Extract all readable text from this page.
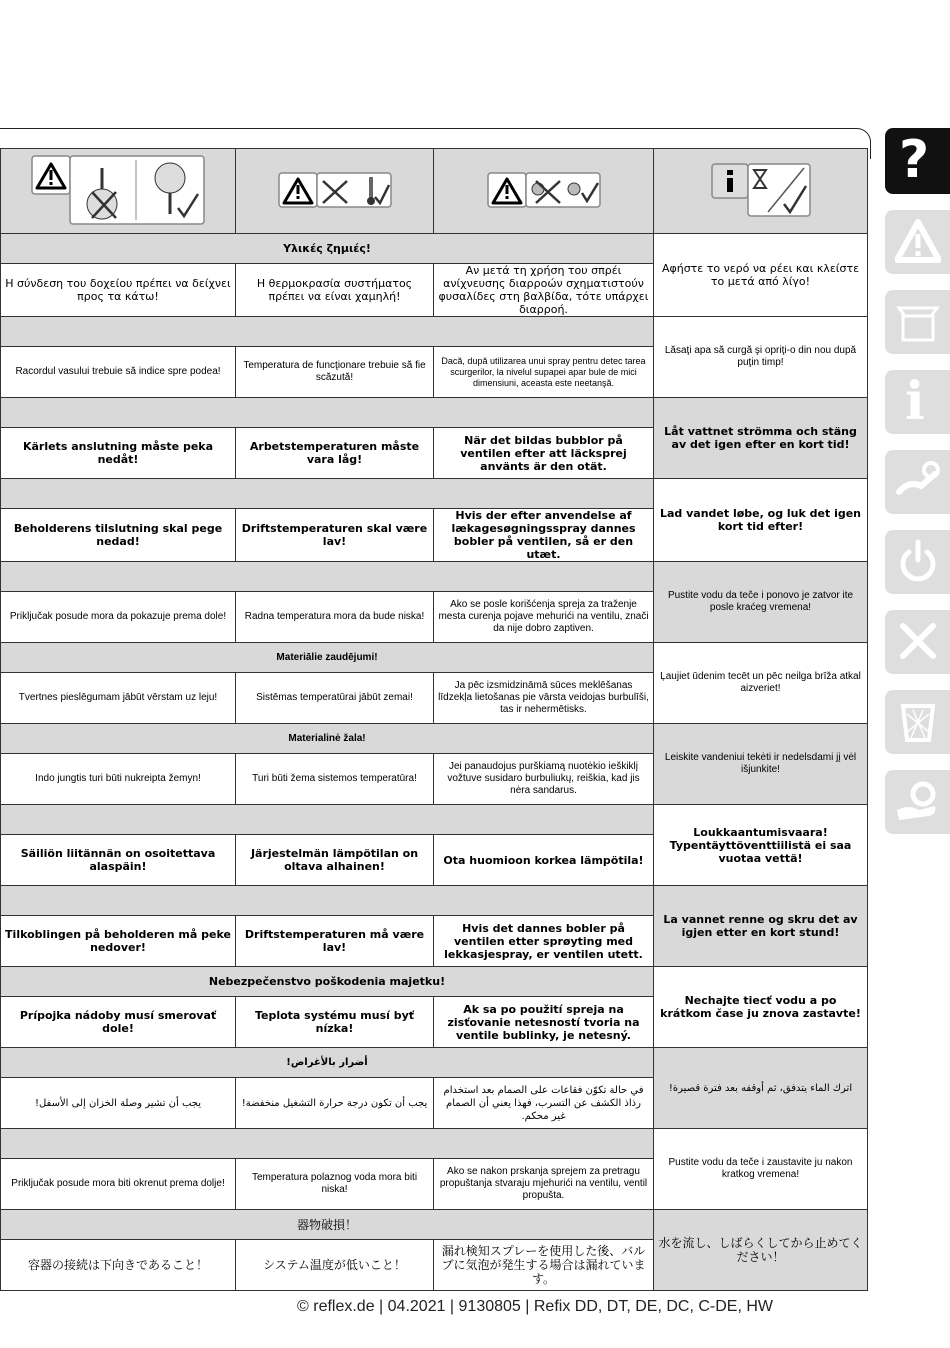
Υλικές ζημιές!			Αφήστε το νερό να ρέει και κλείστε το μετά από λίγο!
Η σύνδεση του δοχείου πρέπει να δείχνει προς τα κάτω!	Η θερμοκρασία συστήματος πρέπει να είναι χαμηλή!	Αν μετά τη χρήση του σπρέι ανίχνευσης διαρροών σχηματιστούν φυσαλίδες στη βαλβίδα, τότε υπάρχει διαρροή.	
			Lăsaţi apa să curgă şi opriţi-o din nou după puţin timp!
Racordul vasului trebuie să indice spre podea!	Temperatura de funcţionare trebuie să fie scăzută!	Dacă, după utilizarea unui spray pentru detec tarea scurgerilor, la nivelul supapei apar bule de mici dimensiuni, aceasta este neetanşă.	
			Låt vattnet strömma och stäng av det igen efter en kort tid!
Kärlets anslutning måste peka nedåt!	Arbetstemperaturen måste vara låg!	När det bildas bubblor på ventilen efter att läcksprej använts är den otät.	
			Lad vandet løbe, og luk det igen kort tid efter!
Beholderens tilslutning skal pege nedad!	Driftstemperaturen skal være lav!	Hvis der efter anvendelse af lækagesøgningsspray dannes bobler på ventilen, så er den utæt.	
			Pustite vodu da teče i ponovo je zatvor ite posle kraćeg vremena!
Priključak posude mora da pokazuje prema dole!	Radna temperatura mora da bude niska!	Ako se posle korišćenja spreja za traženje mesta curenja pojave mehurići na ventilu, znači da nije dobro zaptiven.	
Materiālie zaudējumi!			Ļaujiet ūdenim tecēt un pēc neilga brīža atkal aizveriet!
Tvertnes pieslēgumam jābūt vērstam uz leju!	Sistēmas temperatūrai jābūt zemai!	Ja pēc izsmidzināmā sūces meklēšanas līdzekļa lietošanas pie vārsta veidojas burbulīši, tas ir nehermētisks.	
Materialinė žala!			Leiskite vandeniui tekėti ir nedelsdami jį vėl išjunkite!
Indo jungtis turi būti nukreipta žemyn!	Turi būti žema sistemos temperatūra!	Jei panaudojus purškiamą nuotėkio ieškiklį vožtuve susidaro burbuliukų, reiškia, kad jis nėra sandarus.	
			Loukkaantumisvaara! Typentäyttöventtiilistä ei saa vuotaa vettä!
Säiliön liitännän on osoitettava alaspäin!	Järjestelmän lämpötilan on oltava alhainen!	Ota huomioon korkea lämpötila!	
			La vannet renne og skru det av igjen etter en kort stund!
Tilkoblingen på beholderen må peke nedover!	Driftstemperaturen må være lav!	Hvis det dannes bobler på ventilen etter sprøyting med lekkasjespray, er ventilen utett.	
Nebezpečenstvo poškodenia majetku!			Nechajte tiecť vodu a po krátkom čase ju znova zastavte!
Prípojka nádoby musí smerovať dole!	Teplota systému musí byť nízka!	Ak sa po použití spreja na zisťovanie netesností tvoria na ventile bublinky, je netesný.	
أضرار بالأغراض!			اترك الماء يتدفق، ثم أوقفه بعد فترة قصيرة!
يجب أن تشير وصلة الخزان إلى الأسفل!	يجب أن تكون درجة حرارة التشغيل منخفضة!	في حالة تكوّن فقاعات على الصمام بعد استخدام رذاذ الكشف عن التسرب، فهذا يعني أن الصمام غير محكم.	
			Pustite vodu da teče i zaustavite ju nakon kratkog vremena!
Priključak posude mora biti okrenut prema dolje!	Temperatura polaznog voda mora biti niska!	Ako se nakon prskanja sprejem za pretragu propuštanja stvaraju mjehurići na ventilu, ventil propušta.	
器物破損！			水を流し、しばらくしてから止めてください！
容器の接続は下向きであること！	システム温度が低いこと！	漏れ検知スプレーを使用した後、バルブに気泡が発生する場合は漏れています。	
?
i
© reflex.de | 04.2021 | 9130805 | Refix DD, DT, DE, DC, C-DE, HW
